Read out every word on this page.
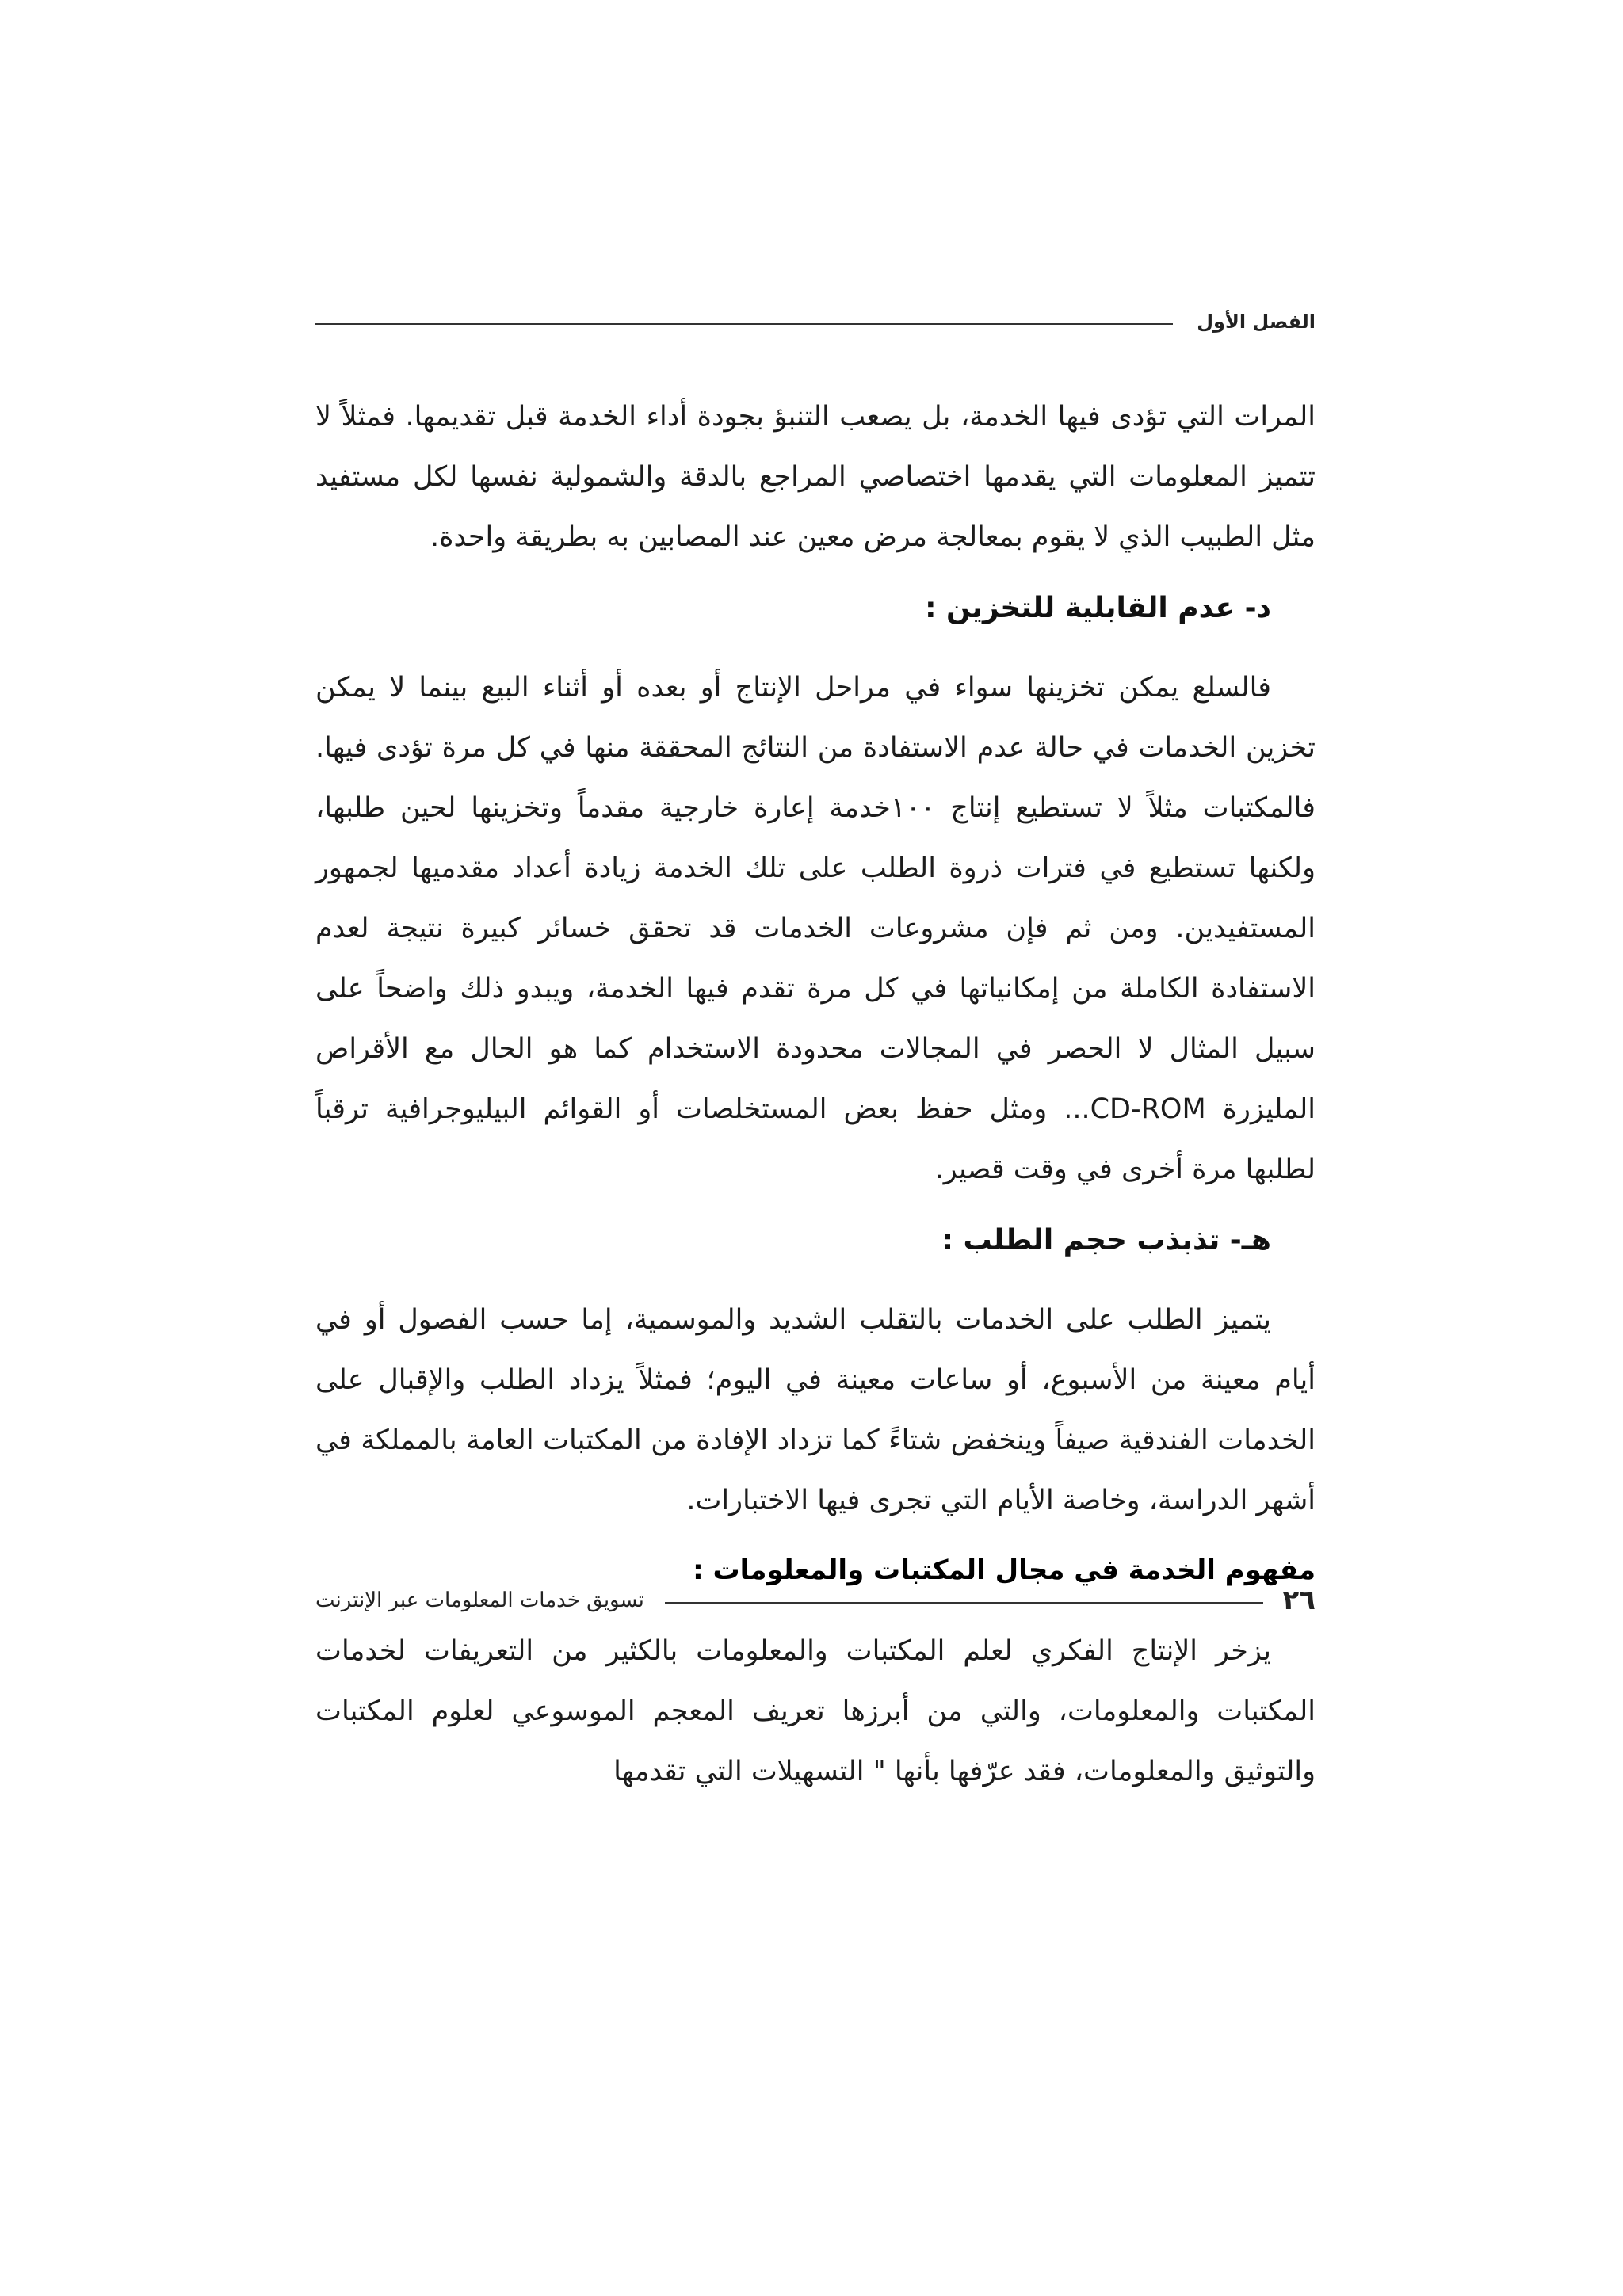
الفصل الأول

المرات التي تؤدى فيها الخدمة، بل يصعب التنبؤ بجودة أداء الخدمة قبل تقديمها. فمثلاً لا تتميز المعلومات التي يقدمها اختصاصي المراجع بالدقة والشمولية نفسها لكل مستفيد مثل الطبيب الذي لا يقوم بمعالجة مرض معين عند المصابين به بطريقة واحدة.

د- عدم القابلية للتخزين :

فالسلع يمكن تخزينها سواء في مراحل الإنتاج أو بعده أو أثناء البيع بينما لا يمكن تخزين الخدمات في حالة عدم الاستفادة من النتائج المحققة منها في كل مرة تؤدى فيها. فالمكتبات مثلاً لا تستطيع إنتاج ١٠٠خدمة إعارة خارجية مقدماً وتخزينها لحين طلبها، ولكنها تستطيع في فترات ذروة الطلب على تلك الخدمة زيادة أعداد مقدميها لجمهور المستفيدين. ومن ثم فإن مشروعات الخدمات قد تحقق خسائر كبيرة نتيجة لعدم الاستفادة الكاملة من إمكانياتها في كل مرة تقدم فيها الخدمة، ويبدو ذلك واضحاً على سبيل المثال لا الحصر في المجالات محدودة الاستخدام كما هو الحال مع الأقراص المليزرة CD-ROM... ومثل حفظ بعض المستخلصات أو القوائم البيليوجرافية ترقباً لطلبها مرة أخرى في وقت قصير.

هـ- تذبذب حجم الطلب :

يتميز الطلب على الخدمات بالتقلب الشديد والموسمية، إما حسب الفصول أو في أيام معينة من الأسبوع، أو ساعات معينة في اليوم؛ فمثلاً يزداد الطلب والإقبال على الخدمات الفندقية صيفاً وينخفض شتاءً كما تزداد الإفادة من المكتبات العامة بالمملكة في أشهر الدراسة، وخاصة الأيام التي تجرى فيها الاختبارات.

مفهوم الخدمة في مجال المكتبات والمعلومات :

يزخر الإنتاج الفكري لعلم المكتبات والمعلومات بالكثير من التعريفات لخدمات المكتبات والمعلومات، والتي من أبرزها تعريف المعجم الموسوعي لعلوم المكتبات والتوثيق والمعلومات، فقد عرّفها بأنها " التسهيلات التي تقدمها

٢٦
تسويق خدمات المعلومات عبر الإنترنت
